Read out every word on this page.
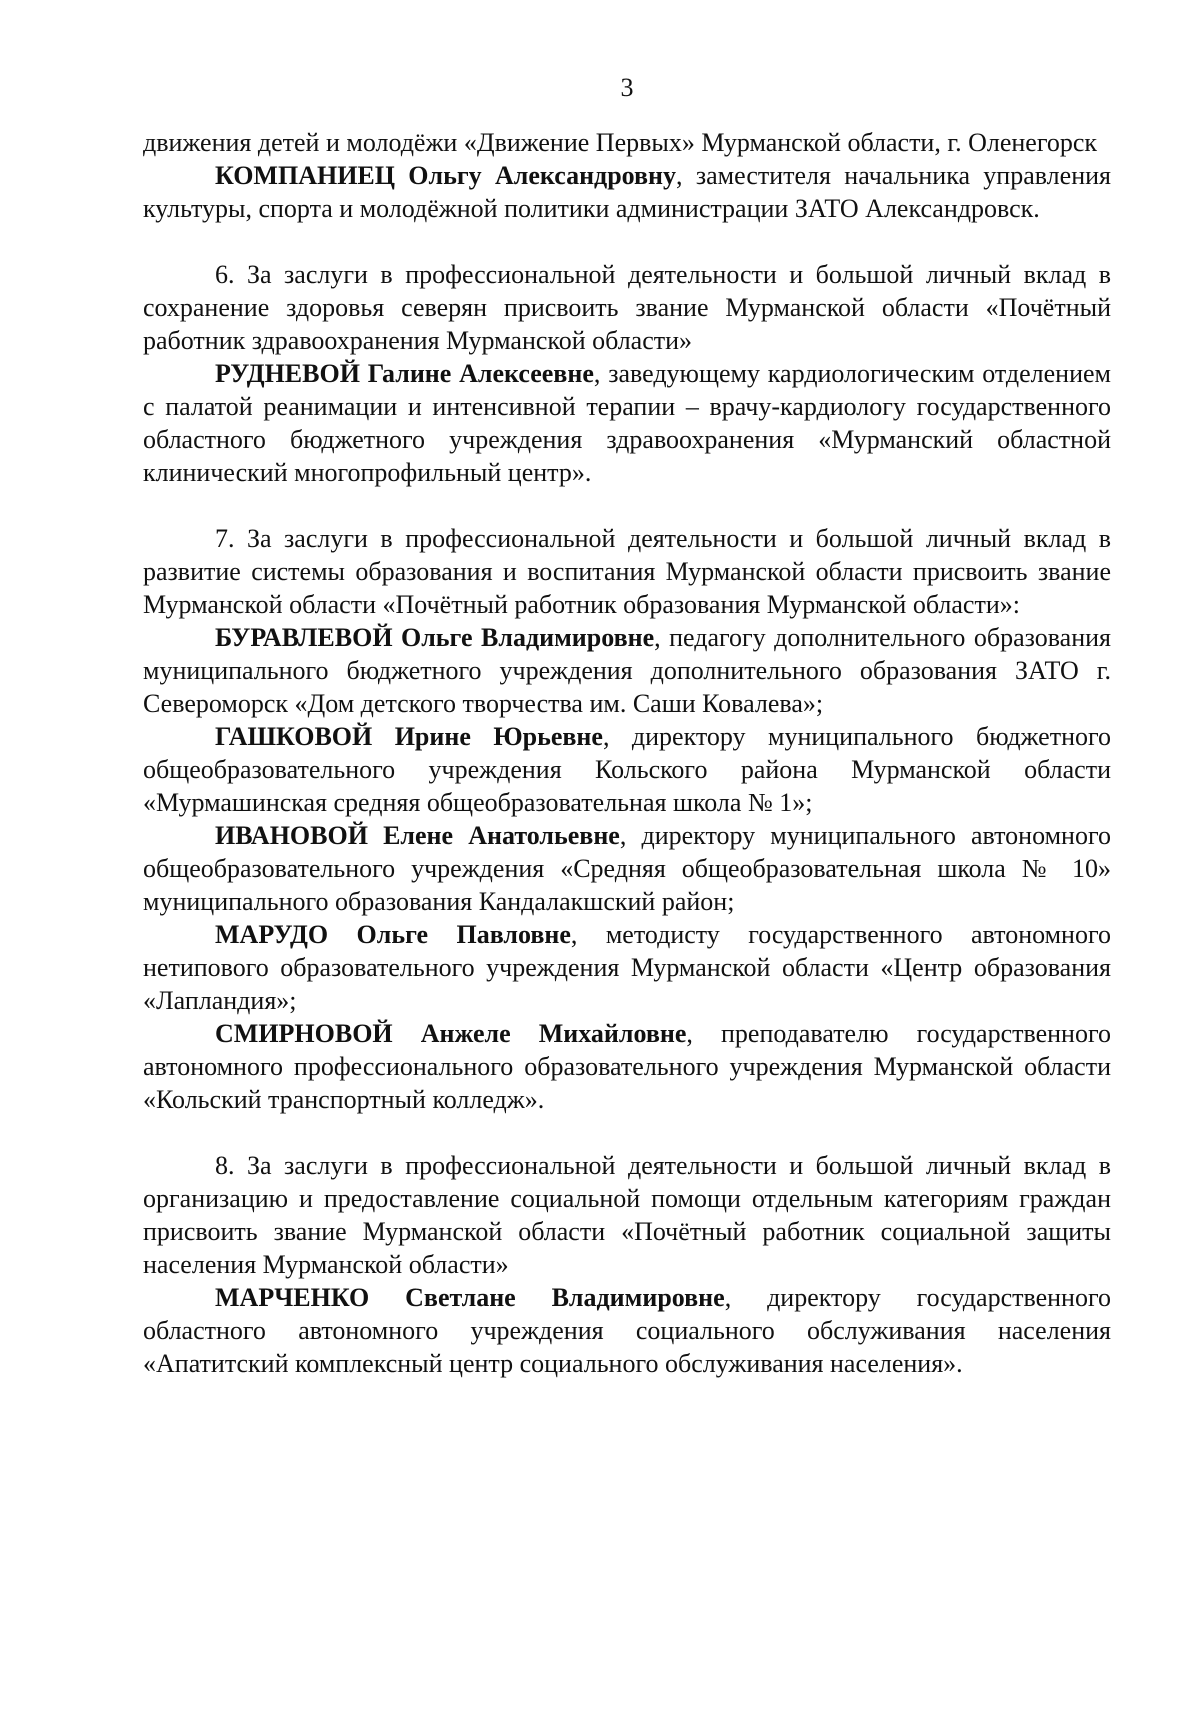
3

движения детей и молодёжи «Движение Первых» Мурманской области, г. Оленегорск

КОМПАНИЕЦ Ольгу Александровну, заместителя начальника управления культуры, спорта и молодёжной политики администрации ЗАТО Александровск.

6. За заслуги в профессиональной деятельности и большой личный вклад в сохранение здоровья северян присвоить звание Мурманской области «Почётный работник здравоохранения Мурманской области»

РУДНЕВОЙ Галине Алексеевне, заведующему кардиологическим отделением с палатой реанимации и интенсивной терапии – врачу-кардиологу государственного областного бюджетного учреждения здравоохранения «Мурманский областной клинический многопрофильный центр».

7. За заслуги в профессиональной деятельности и большой личный вклад в развитие системы образования и воспитания Мурманской области присвоить звание Мурманской области «Почётный работник образования Мурманской области»:

БУРАВЛЕВОЙ Ольге Владимировне, педагогу дополнительного образования муниципального бюджетного учреждения дополнительного образования ЗАТО г. Североморск «Дом детского творчества им. Саши Ковалева»;

ГАШКОВОЙ Ирине Юрьевне, директору муниципального бюджетного общеобразовательного учреждения Кольского района Мурманской области «Мурмашинская средняя общеобразовательная школа № 1»;

ИВАНОВОЙ Елене Анатольевне, директору муниципального автономного общеобразовательного учреждения «Средняя общеобразовательная школа № 10» муниципального образования Кандалакшский район;

МАРУДО Ольге Павловне, методисту государственного автономного нетипового образовательного учреждения Мурманской области «Центр образования «Лапландия»;

СМИРНОВОЙ Анжеле Михайловне, преподавателю государственного автономного профессионального образовательного учреждения Мурманской области «Кольский транспортный колледж».

8. За заслуги в профессиональной деятельности и большой личный вклад в организацию и предоставление социальной помощи отдельным категориям граждан присвоить звание Мурманской области «Почётный работник социальной защиты населения Мурманской области»

МАРЧЕНКО Светлане Владимировне, директору государственного областного автономного учреждения социального обслуживания населения «Апатитский комплексный центр социального обслуживания населения».
